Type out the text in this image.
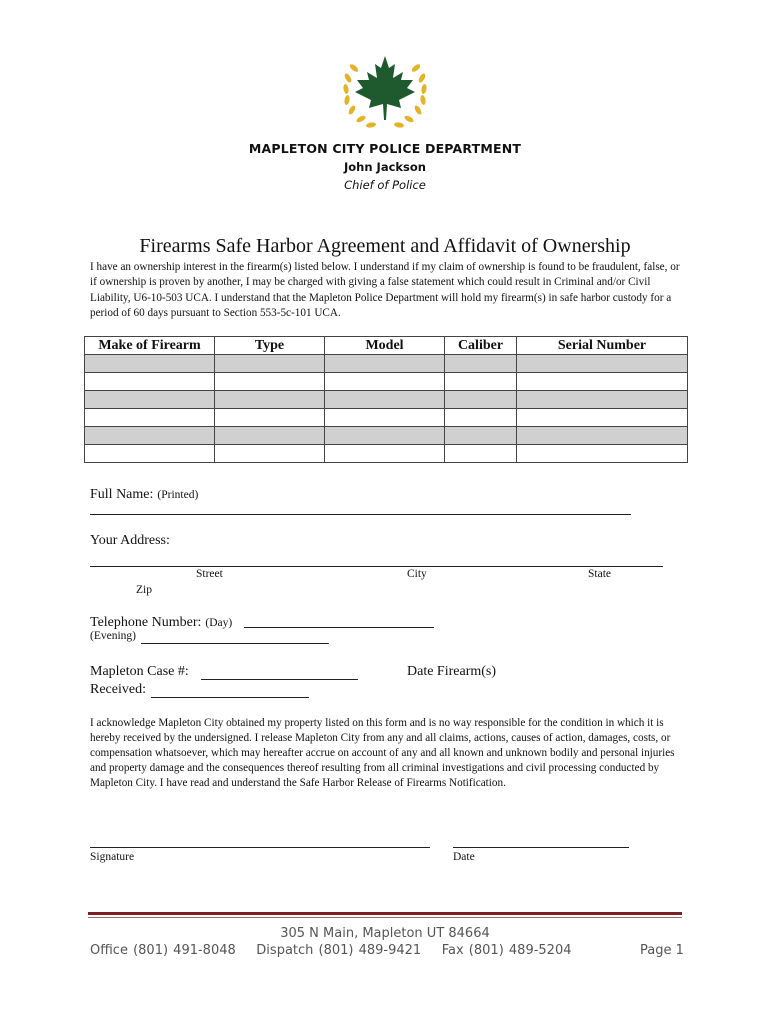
MAPLETON CITY POLICE DEPARTMENT
John Jackson
Chief of Police
Firearms Safe Harbor Agreement and Affidavit of Ownership
I have an ownership interest in the firearm(s) listed below. I understand if my claim of ownership is found to be fraudulent, false, or if ownership is proven by another, I may be charged with giving a false statement which could result in Criminal and/or Civil Liability, U6-10-503 UCA. I understand that the Mapleton Police Department will hold my firearm(s) in safe harbor custody for a period of 60 days pursuant to Section 553-5c-101 UCA.
Make of Firearm	Type	Model	Caliber	Serial Number

Full Name: (Printed)
Your Address:
Street	City	State
Zip
Telephone Number: (Day)
(Evening)
Mapleton Case #:	Date Firearm(s)
Received:
I acknowledge Mapleton City obtained my property listed on this form and is no way responsible for the condition in which it is hereby received by the undersigned. I release Mapleton City from any and all claims, actions, causes of action, damages, costs, or compensation whatsoever, which may hereafter accrue on account of any and all known and unknown bodily and personal injuries and property damage and the consequences thereof resulting from all criminal investigations and civil processing conducted by Mapleton City. I have read and understand the Safe Harbor Release of Firearms Notification.
Signature	Date
305 N Main, Mapleton UT 84664
Office (801) 491-8048 Dispatch (801) 489-9421 Fax (801) 489-5204	Page 1
